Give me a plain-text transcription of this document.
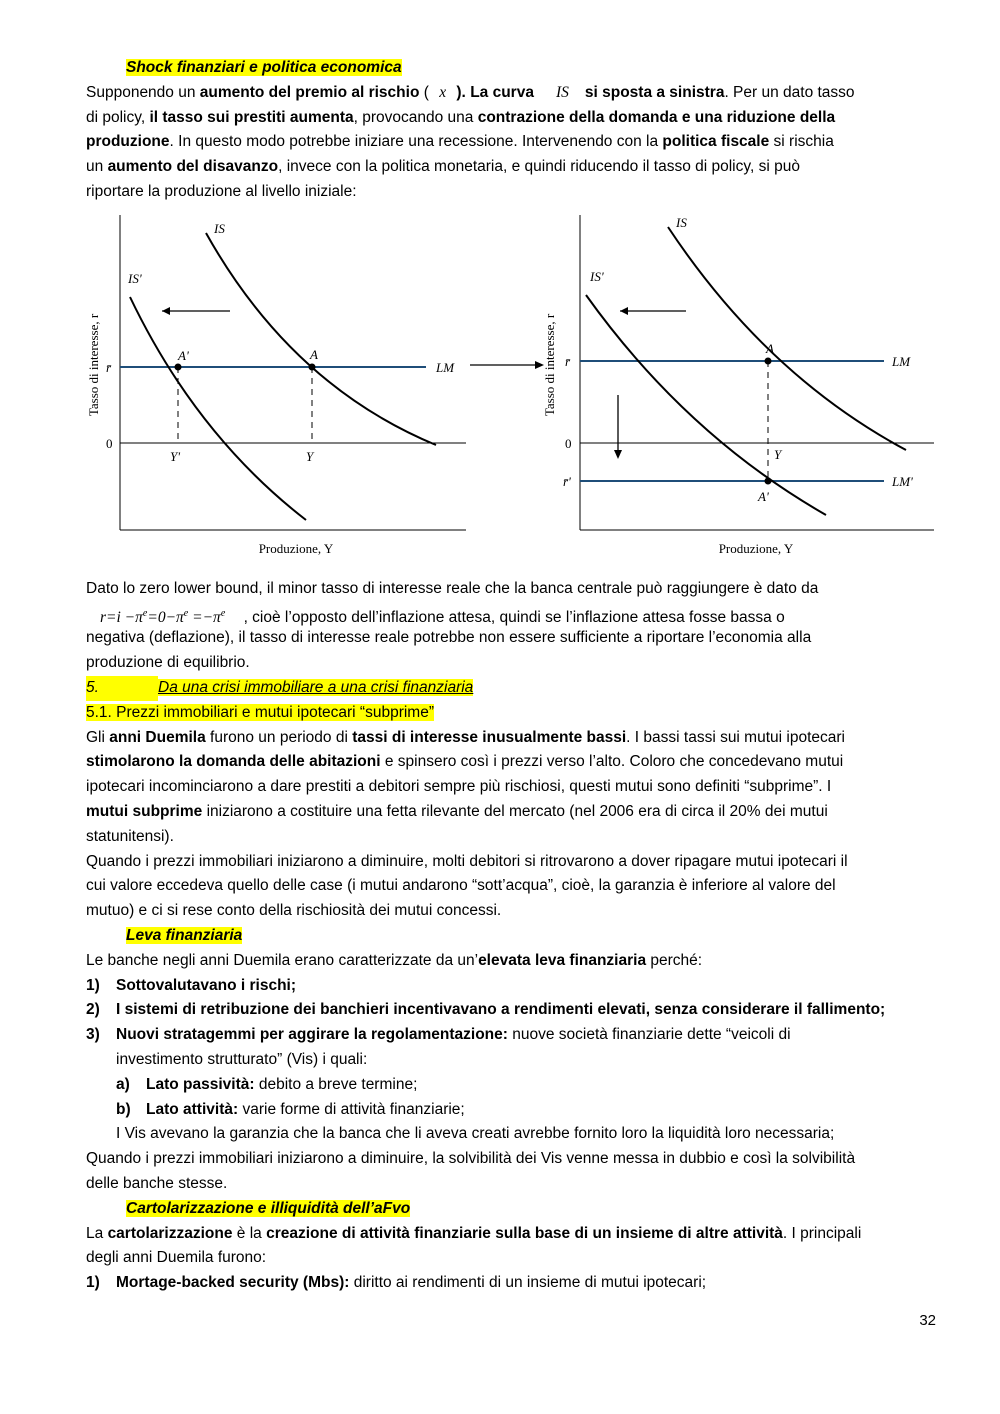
Shock finanziari e politica economica
Supponendo un aumento del premio al rischio ( x ). La curva IS si sposta a sinistra. Per un dato tasso
di policy, il tasso sui prestiti aumenta, provocando una contrazione della domanda e una riduzione della
produzione. In questo modo potrebbe iniziare una recessione. Intervenendo con la politica fiscale si rischia
un aumento del disavanzo, invece con la politica monetaria, e quindi riducendo il tasso di policy, si può
riportare la produzione al livello iniziale:
Tasso di interesse, r
IS
IS'
LM
A'	A
r̄
0
Y'	Y
Produzione, Y
Tasso di interesse, r
IS
IS'
LM
LM'
A
A'
Y
r̄
0
r̄'
Produzione, Y
Dato lo zero lower bound, il minor tasso di interesse reale che la banca centrale può raggiungere è dato da
$r=i -\pi^e=0-\pi^e =-\pi^e$ , cioè l’opposto dell’inflazione attesa, quindi se l’inflazione attesa fosse bassa o
negativa (deflazione), il tasso di interesse reale potrebbe non essere sufficiente a riportare l’economia alla
produzione di equilibrio.
5.	Da una crisi immobiliare a una crisi finanziaria
5.1. Prezzi immobiliari e mutui ipotecari “subprime”
Gli anni Duemila furono un periodo di tassi di interesse inusualmente bassi. I bassi tassi sui mutui ipotecari
stimolarono la domanda delle abitazioni e spinsero così i prezzi verso l’alto. Coloro che concedevano mutui
ipotecari incominciarono a dare prestiti a debitori sempre più rischiosi, questi mutui sono definiti “subprime”. I
mutui subprime iniziarono a costituire una fetta rilevante del mercato (nel 2006 era di circa il 20% dei mutui
statunitensi).
Quando i prezzi immobiliari iniziarono a diminuire, molti debitori si ritrovarono a dover ripagare mutui ipotecari il
cui valore eccedeva quello delle case (i mutui andarono “sott’acqua”, cioè, la garanzia è inferiore al valore del
mutuo) e ci si rese conto della rischiosità dei mutui concessi.
Leva finanziaria
Le banche negli anni Duemila erano caratterizzate da un’elevata leva finanziaria perché:
1) Sottovalutavano i rischi;
2) I sistemi di retribuzione dei banchieri incentivavano a rendimenti elevati, senza considerare il fallimento;
3) Nuovi stratagemmi per aggirare la regolamentazione: nuove società finanziarie dette “veicoli di
investimento strutturato” (Vis) i quali:
a) Lato passività: debito a breve termine;
b) Lato attività: varie forme di attività finanziarie;
I Vis avevano la garanzia che la banca che li aveva creati avrebbe fornito loro la liquidità loro necessaria;
Quando i prezzi immobiliari iniziarono a diminuire, la solvibilità dei Vis venne messa in dubbio e così la solvibilità
delle banche stesse.
Cartolarizzazione e illiquidità dell’aFvo
La cartolarizzazione è la creazione di attività finanziarie sulla base di un insieme di altre attività. I principali
degli anni Duemila furono:
1) Mortage-backed security (Mbs): diritto ai rendimenti di un insieme di mutui ipotecari;
32
